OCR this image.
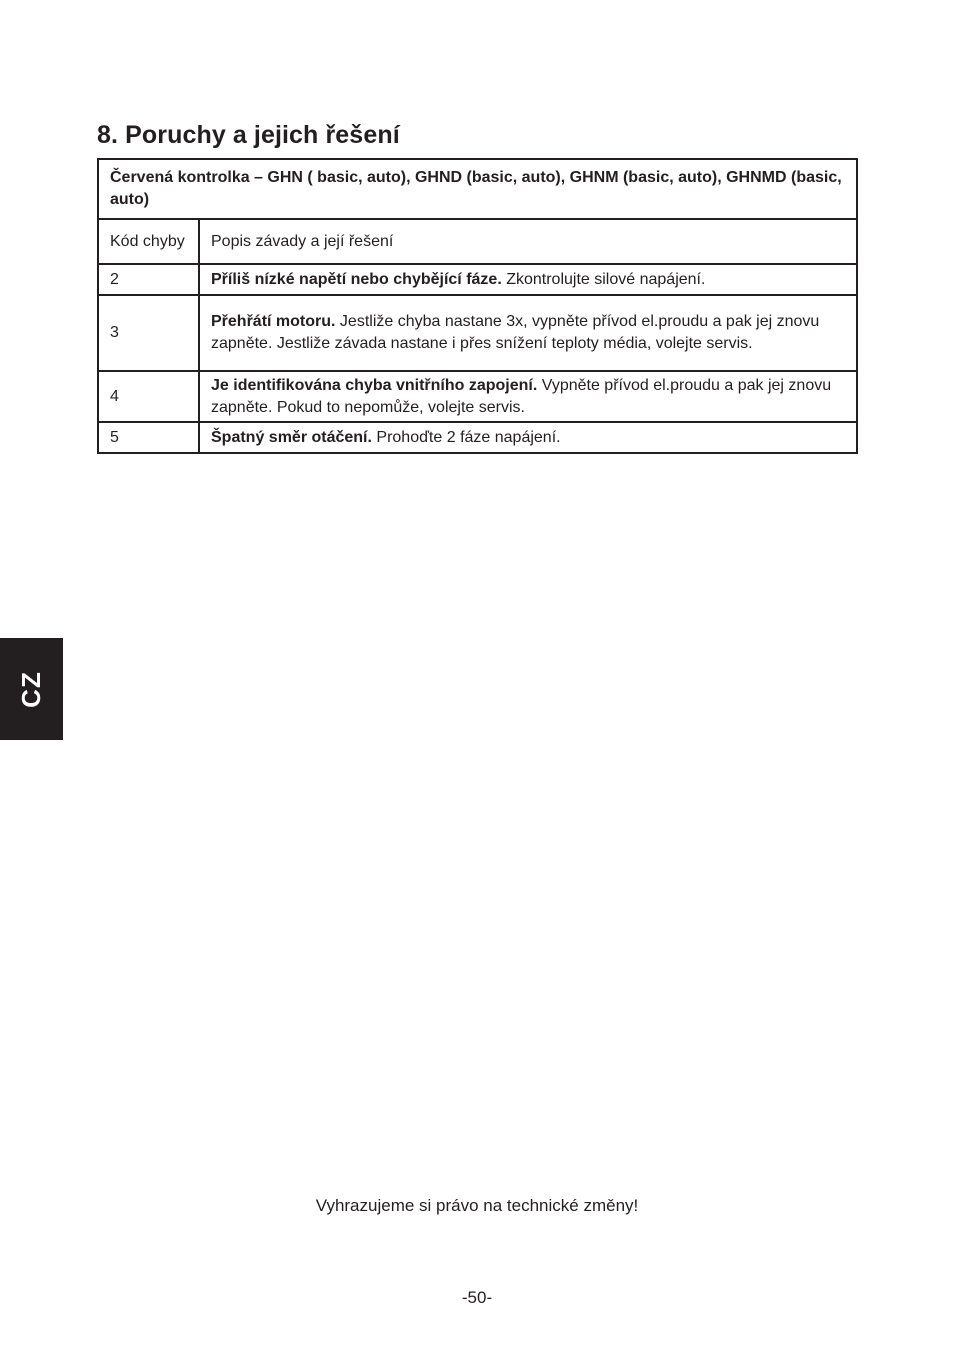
8. Poruchy a jejich řešení
Červená kontrolka – GHN ( basic, auto), GHND (basic, auto), GHNM (basic, auto), GHNMD (basic, auto)	
Kód chyby	Popis závady a její řešení
2	Příliš nízké napětí nebo chybějící fáze. Zkontrolujte silové napájení.
3	Přehřátí motoru. Jestliže chyba nastane 3x, vypněte přívod el.proudu a pak jej znovu zapněte. Jestliže závada nastane i přes snížení teploty média, volejte servis.
4	Je identifikována chyba vnitřního zapojení. Vypněte přívod el.proudu a pak jej znovu zapněte. Pokud to nepomůže, volejte servis.
5	Špatný směr otáčení. Prohoďte 2 fáze napájení.
CZ
Vyhrazujeme si právo na technické změny!
-50-
